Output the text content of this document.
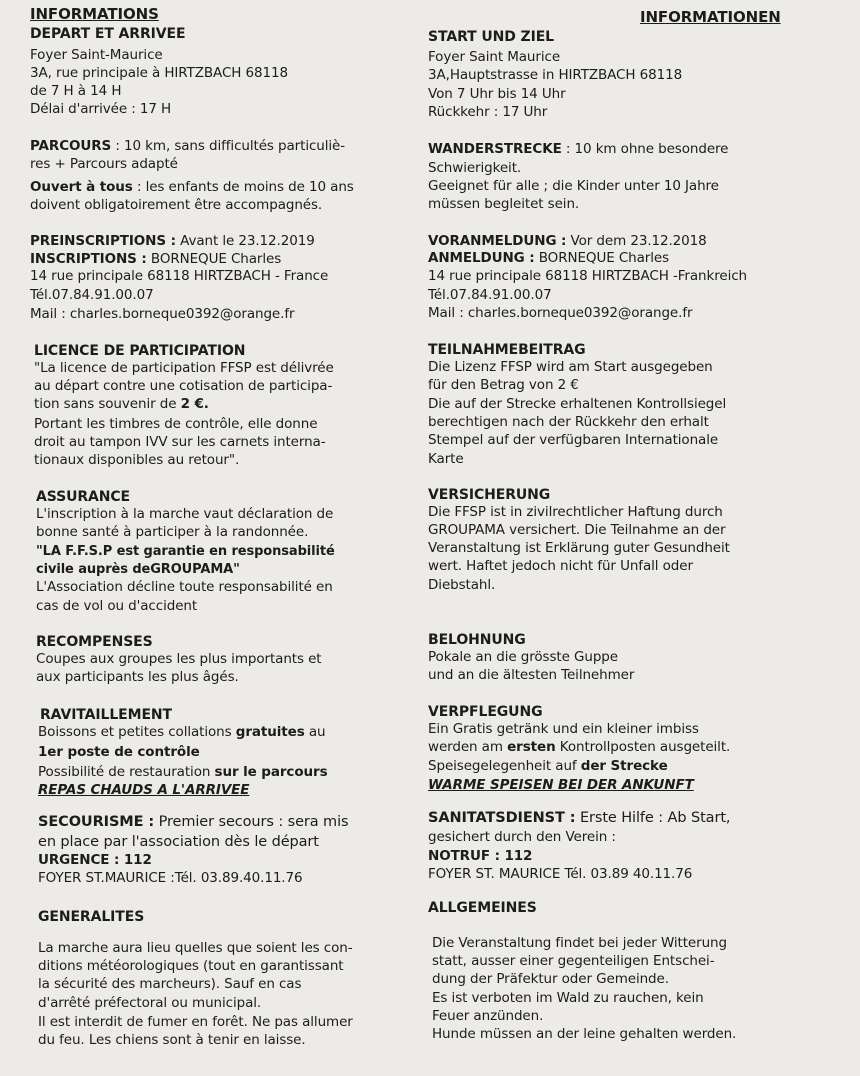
INFORMATIONS
DEPART ET ARRIVEE
Foyer Saint-Maurice
3A, rue principale à HIRTZBACH 68118
de 7 H à 14 H
Délai d'arrivée : 17 H
PARCOURS : 10 km, sans difficultés particuliè-
res + Parcours adapté
Ouvert à tous : les enfants de moins de 10 ans
doivent obligatoirement être accompagnés.
PREINSCRIPTIONS : Avant le 23.12.2019
INSCRIPTIONS : BORNEQUE Charles
14 rue principale 68118 HIRTZBACH - France
Tél.07.84.91.00.07
Mail : charles.borneque0392@orange.fr
LICENCE DE PARTICIPATION
"La licence de participation FFSP est délivrée
au départ contre une cotisation de participa-
tion sans souvenir de 2 €.
Portant les timbres de contrôle, elle donne
droit au tampon IVV sur les carnets interna-
tionaux disponibles au retour".
ASSURANCE
L'inscription à la marche vaut déclaration de
bonne santé à participer à la randonnée.
"LA F.F.S.P est garantie en responsabilité
civile auprès deGROUPAMA"
L'Association décline toute responsabilité en
cas de vol ou d'accident
RECOMPENSES
Coupes aux groupes les plus importants et
aux participants les plus âgés.
RAVITAILLEMENT
Boissons et petites collations gratuites au
1er poste de contrôle
Possibilité de restauration sur le parcours
REPAS CHAUDS A L'ARRIVEE
SECOURISME : Premier secours : sera mis
en place par l'association dès le départ
URGENCE : 112
FOYER ST.MAURICE :Tél. 03.89.40.11.76
GENERALITES
La marche aura lieu quelles que soient les con-
ditions météorologiques (tout en garantissant
la sécurité des marcheurs). Sauf en cas
d'arrêté préfectoral ou municipal.
Il est interdit de fumer en forêt. Ne pas allumer
du feu. Les chiens sont à tenir en laisse.
INFORMATIONEN
START UND ZIEL
Foyer Saint Maurice
3A,Hauptstrasse in HIRTZBACH 68118
Von 7 Uhr bis 14 Uhr
Rückkehr : 17 Uhr
WANDERSTRECKE : 10 km ohne besondere
Schwierigkeit.
Geeignet für alle ; die Kinder unter 10 Jahre
müssen begleitet sein.
VORANMELDUNG : Vor dem 23.12.2018
ANMELDUNG : BORNEQUE Charles
14 rue principale 68118 HIRTZBACH -Frankreich
Tél.07.84.91.00.07
Mail : charles.borneque0392@orange.fr
TEILNAHMEBEITRAG
Die Lizenz FFSP wird am Start ausgegeben
für den Betrag von 2 €
Die auf der Strecke erhaltenen Kontrollsiegel
berechtigen nach der Rückkehr den erhalt
Stempel auf der verfügbaren Internationale
Karte
VERSICHERUNG
Die FFSP ist in zivilrechtlicher Haftung durch
GROUPAMA versichert. Die Teilnahme an der
Veranstaltung ist Erklärung guter Gesundheit
wert. Haftet jedoch nicht für Unfall oder
Diebstahl.
BELOHNUNG
Pokale an die grösste Guppe
und an die ältesten Teilnehmer
VERPFLEGUNG
Ein Gratis getränk und ein kleiner imbiss
werden am ersten Kontrollposten ausgeteilt.
Speisegelegenheit auf der Strecke
WARME SPEISEN BEI DER ANKUNFT
SANITATSDIENST : Erste Hilfe : Ab Start,
gesichert durch den Verein :
NOTRUF : 112
FOYER ST. MAURICE Tél. 03.89 40.11.76
ALLGEMEINES
Die Veranstaltung findet bei jeder Witterung
statt, ausser einer gegenteiligen Entschei-
dung der Präfektur oder Gemeinde.
Es ist verboten im Wald zu rauchen, kein
Feuer anzünden.
Hunde müssen an der leine gehalten werden.
